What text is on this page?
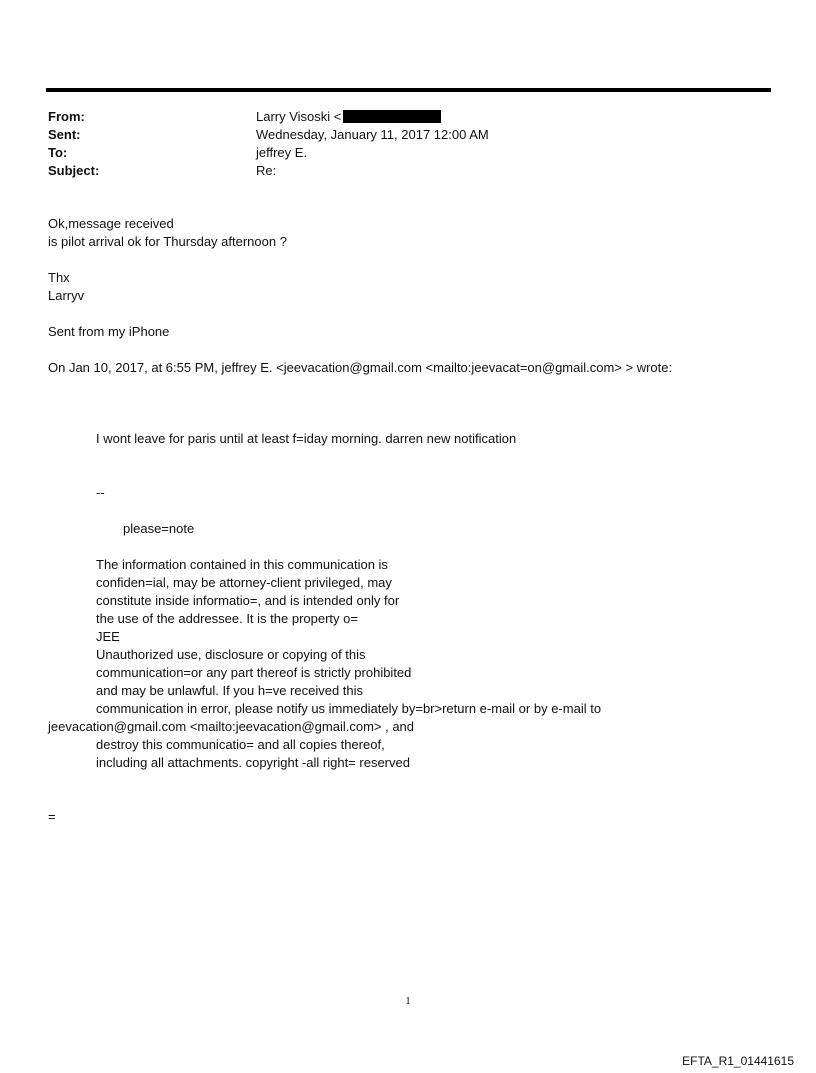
From:	Larry Visoski <
Sent:	Wednesday, January 11, 2017 12:00 AM
To:	jeffrey E.
Subject:	Re:
Ok,message received
is pilot arrival ok for Thursday afternoon ?
Thx
Larryv
Sent from my iPhone
On Jan 10, 2017, at 6:55 PM, jeffrey E. <jeevacation@gmail.com <mailto:jeevacat=on@gmail.com> > wrote:
I wont leave for paris until at least f=iday morning. darren new notification
--
please=note
The information contained in this communication is
confiden=ial, may be attorney-client privileged, may
constitute inside informatio=, and is intended only for
the use of the addressee. It is the property o=
JEE
Unauthorized use, disclosure or copying of this
communication=or any part thereof is strictly prohibited
and may be unlawful. If you h=ve received this
communication in error, please notify us immediately by=br>return e-mail or by e-mail to
jeevacation@gmail.com <mailto:jeevacation@gmail.com> , and
destroy this communicatio= and all copies thereof,
including all attachments. copyright -all right= reserved
=
1
EFTA_R1_01441615
